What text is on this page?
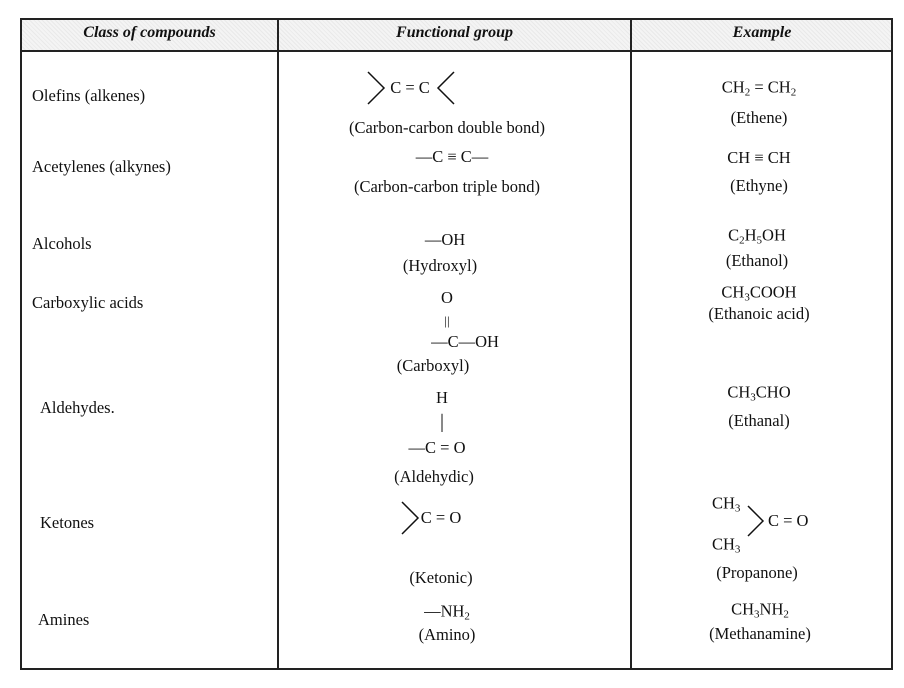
Class of compounds	Functional group	Example
Olefins (alkenes)
Acetylenes (alkynes)
Alcohols
Carboxylic acids
Aldehydes.
Ketones
Amines
C = C
(Carbon-carbon double bond)
—C ≡ C—
(Carbon-carbon triple bond)
—OH
(Hydroxyl)
O
||
—C—OH
(Carboxyl)
H
|
—C = O
(Aldehydic)
C = O
(Ketonic)
$—NH_2$
(Amino)
$CH_2 = CH_2$
(Ethene)
CH ≡ CH
(Ethyne)
$C_2H_5OH$
(Ethanol)
$CH_3COOH$
(Ethanoic acid)
$CH_3CHO$
(Ethanal)
$CH_3$
C = O
$CH_3$
(Propanone)
$CH_3NH_2$
(Methanamine)
